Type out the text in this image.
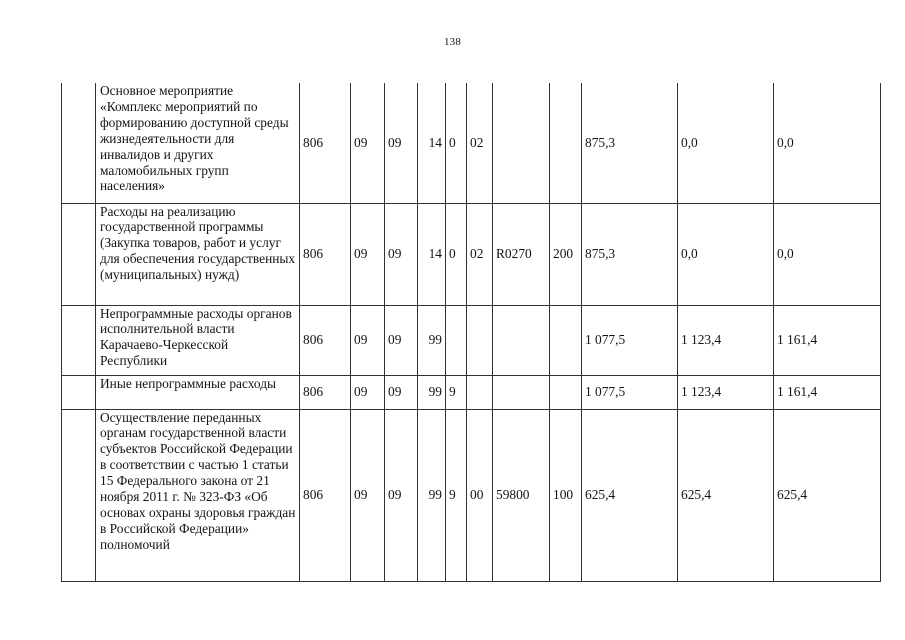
138
	Основное мероприятие «Комплекс мероприятий по формированию доступной среды жизнедеятельности для инвалидов и других маломобильных групп населения»	806	09	09	14	0	02			875,3	0,0	0,0
	Расходы на реализацию государственной программы (Закупка товаров, работ и услуг для обеспечения государственных (муниципальных) нужд)	806	09	09	14	0	02	R0270	200	875,3	0,0	0,0
	Непрограммные расходы органов исполнительной власти Карачаево-Черкесской Республики	806	09	09	99					1 077,5	1 123,4	1 161,4
	Иные непрограммные расходы	806	09	09	99	9				1 077,5	1 123,4	1 161,4
	Осуществление переданных органам государственной власти субъектов Российской Федерации в соответствии с частью 1 статьи 15 Федерального закона от 21 ноября 2011 г. № 323-ФЗ «Об основах охраны здоровья граждан в Российской Федерации» полномочий	806	09	09	99	9	00	59800	100	625,4	625,4	625,4
